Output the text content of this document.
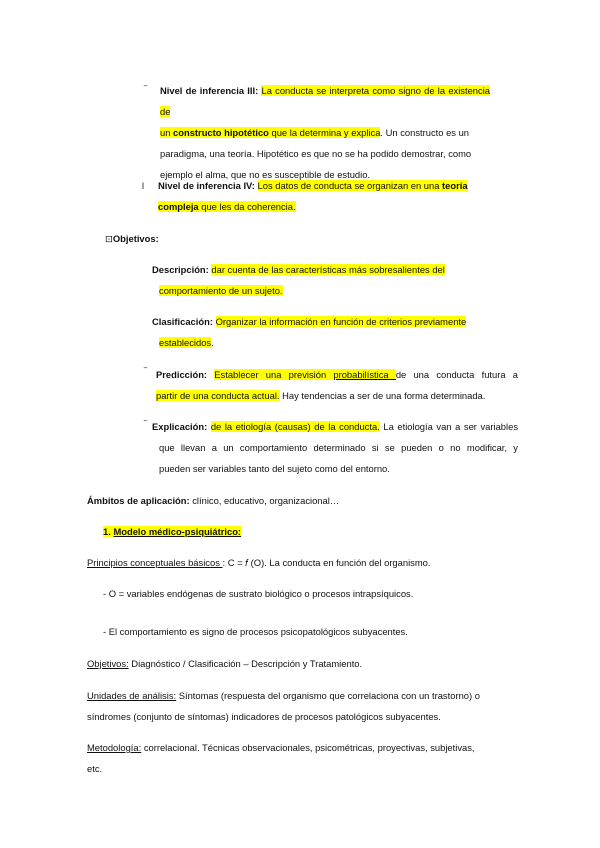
‾ Nivel de inferencia III: La conducta se interpreta como signo de la existencia de
un constructo hipotético que la determina y explica. Un constructo es un
paradigma, una teoría. Hipotético es que no se ha podido demostrar, como
ejemplo el alma, que no es susceptible de estudio.
l Nivel de inferencia IV: Los datos de conducta se organizan en una teoría
compleja que les da coherencia.
⊡Objetivos:
Descripción: dar cuenta de las características más sobresalientes del
comportamiento de un sujeto.
Clasificación: Organizar la información en función de criterios previamente
establecidos.
‾ Predicción: Establecer una previsión probabilística de una conducta futura a
partir de una conducta actual. Hay tendencias a ser de una forma determinada.
‾ Explicación: de la etiología (causas) de la conducta. La etiología van a ser variables
que llevan a un comportamiento determinado si se pueden o no modificar, y
pueden ser variables tanto del sujeto como del entorno.
Ámbitos de aplicación: clínico, educativo, organizacional…
1. Modelo médico-psiquiátrico:
Principios conceptuales básicos : C = 𝑓 (O). La conducta en función del organismo.
- O = variables endógenas de sustrato biológico o procesos intrapsíquicos.
- El comportamiento es signo de procesos psicopatológicos subyacentes.
Objetivos: Diagnóstico / Clasificación – Descripción y Tratamiento.
Unidades de análisis: Síntomas (respuesta del organismo que correlaciona con un trastorno) o
síndromes (conjunto de síntomas) indicadores de procesos patológicos subyacentes.
Metodología: correlacional. Técnicas observacionales, psicométricas, proyectivas, subjetivas,
etc.
